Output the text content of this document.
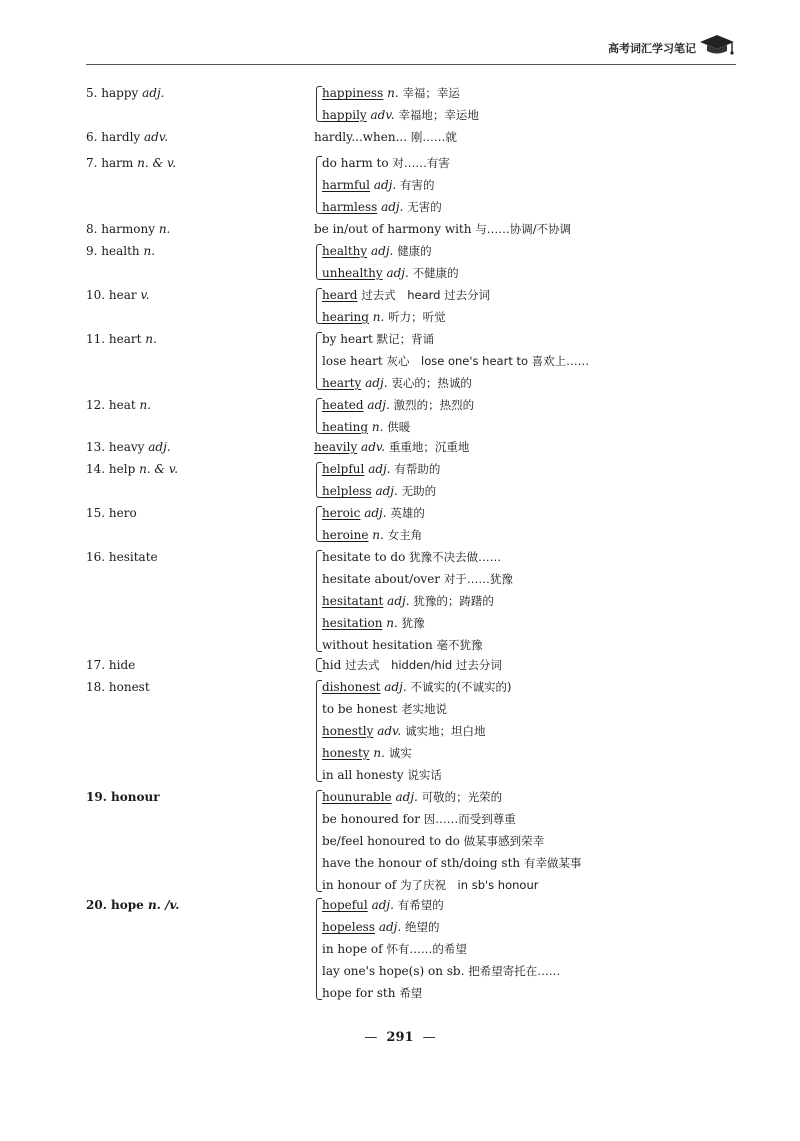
高考词汇学习笔记
5. happy adj.	happiness n. 幸福；幸运
happily adv. 幸福地；幸运地
6. hardly adv.	hardly...when... 刚……就
7. harm n. & v.	do harm to 对……有害
harmful adj. 有害的
harmless adj. 无害的
8. harmony n.	be in/out of harmony with 与……协调/不协调
9. health n.	healthy adj. 健康的
unhealthy adj. 不健康的
10. hear v.	heard 过去式　heard 过去分词
hearing n. 听力；听觉
11. heart n.	by heart 默记；背诵
lose heart 灰心　lose one's heart to 喜欢上……
hearty adj. 衷心的；热诚的
12. heat n.	heated adj. 激烈的；热烈的
heating n. 供暖
13. heavy adj.	heavily adv. 重重地；沉重地
14. help n. & v.	helpful adj. 有帮助的
helpless adj. 无助的
15. hero	heroic adj. 英雄的
heroine n. 女主角
16. hesitate	hesitate to do 犹豫不决去做……
hesitate about/over 对于……犹豫
hesitatant adj. 犹豫的；踌躇的
hesitation n. 犹豫
without hesitation 毫不犹豫
17. hide	hid 过去式　hidden/hid 过去分词
18. honest	dishonest adj. 不诚实的(不诚实的)
to be honest 老实地说
honestly adv. 诚实地；坦白地
honesty n. 诚实
in all honesty 说实话
19. honour	hounurable adj. 可敬的；光荣的
be honoured for 因……而受到尊重
be/feel honoured to do 做某事感到荣幸
have the honour of sth/doing sth 有幸做某事
in honour of 为了庆祝　in sb's honour
20. hope n. /v.	hopeful adj. 有希望的
hopeless adj. 绝望的
in hope of 怀有……的希望
lay one's hope(s) on sb. 把希望寄托在……
hope for sth 希望
— 291 —
